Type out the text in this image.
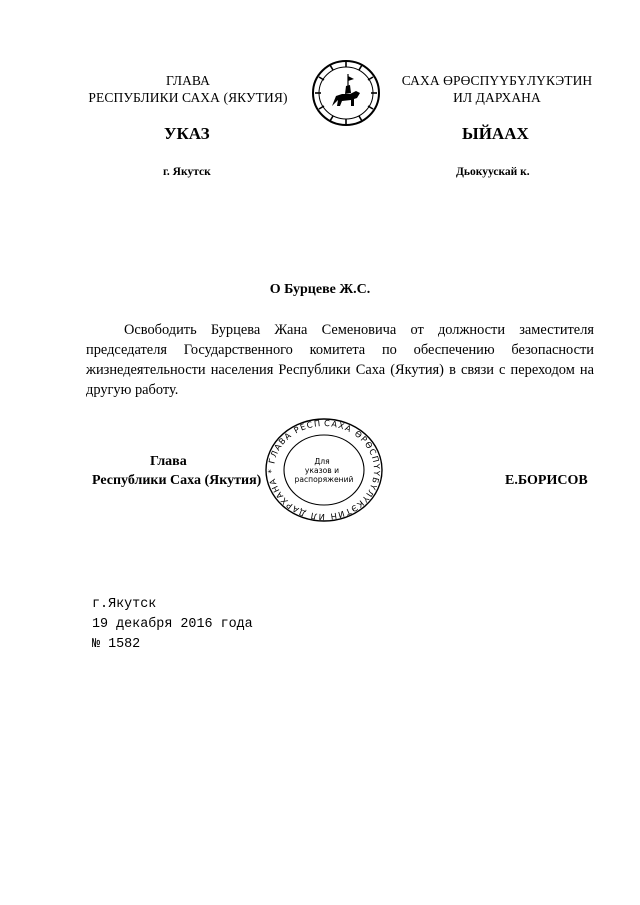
ГЛАВА
РЕСПУБЛИКИ САХА (ЯКУТИЯ)
САХА ӨРӨСПҮҮБҮЛҮКЭТИН
ИЛ ДАРХАНА
УКАЗ	ЫЙААХ
г. Якутск	Дьокуускай к.
О Бурцеве Ж.С.
Освободить Бурцева Жана Семеновича от должности заместителя председателя Государственного комитета по обеспечению безопасности жизнедеятельности населения Республики Саха (Якутия) в связи с переходом на другую работу.
Глава
Республики Саха (Якутия)	Е.БОРИСОВ
САХА ӨРӨСПҮҮБҮЛҮКЭТИН ИЛ ДАРХАНА * ГЛАВА РЕСП
Для
указов и
распоряжений
г.Якутск
19 декабря 2016 года
№ 1582
